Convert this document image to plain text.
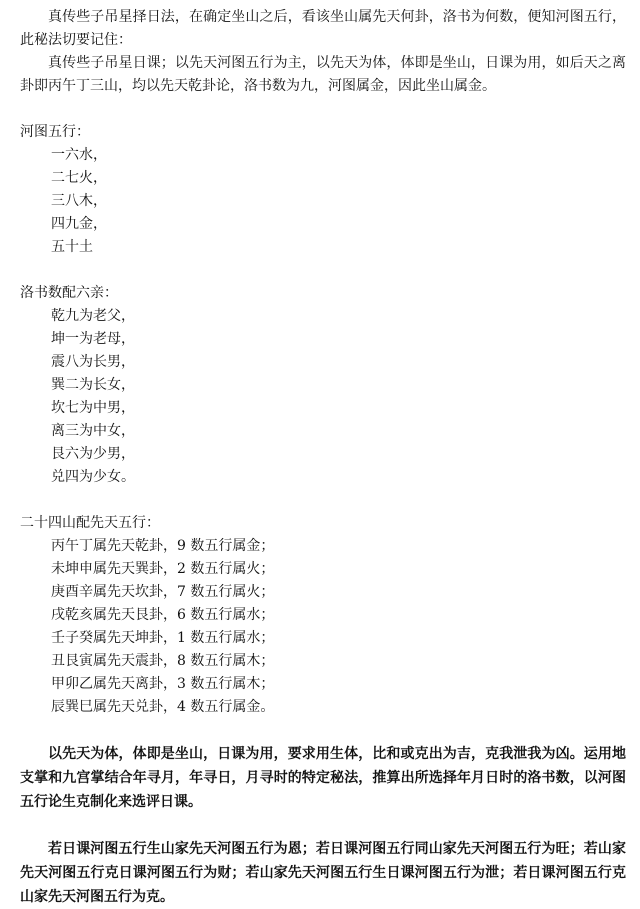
真传些子吊星择日法，在确定坐山之后，看该坐山属先天何卦，洛书为何数，便知河图五行，此秘法切要记住：

真传些子吊星日课；以先天河图五行为主，以先天为体，体即是坐山，日课为用，如后天之离卦即丙午丁三山，均以先天乾卦论，洛书数为九，河图属金，因此坐山属金。

河图五行：

一六水，
二七火，
三八木，
四九金，
五十土

洛书数配六亲：

乾九为老父，
坤一为老母，
震八为长男，
巽二为长女，
坎七为中男，
离三为中女，
艮六为少男，
兑四为少女。

二十四山配先天五行：

丙午丁属先天乾卦，9 数五行属金；
未坤申属先天巽卦，2 数五行属火；
庚酉辛属先天坎卦，7 数五行属火；
戌乾亥属先天艮卦，6 数五行属水；
壬子癸属先天坤卦，1 数五行属水；
丑艮寅属先天震卦，8 数五行属木；
甲卯乙属先天离卦，3 数五行属木；
辰巽巳属先天兑卦，4 数五行属金。

以先天为体，体即是坐山，日课为用，要求用生体，比和或克出为吉，克我泄我为凶。运用地支掌和九宫掌结合年寻月，年寻日，月寻时的特定秘法，推算出所选择年月日时的洛书数，以河图五行论生克制化来选评日课。

若日课河图五行生山家先天河图五行为恩；若日课河图五行同山家先天河图五行为旺；若山家先天河图五行克日课河图五行为财；若山家先天河图五行生日课河图五行为泄；若日课河图五行克山家先天河图五行为克。
